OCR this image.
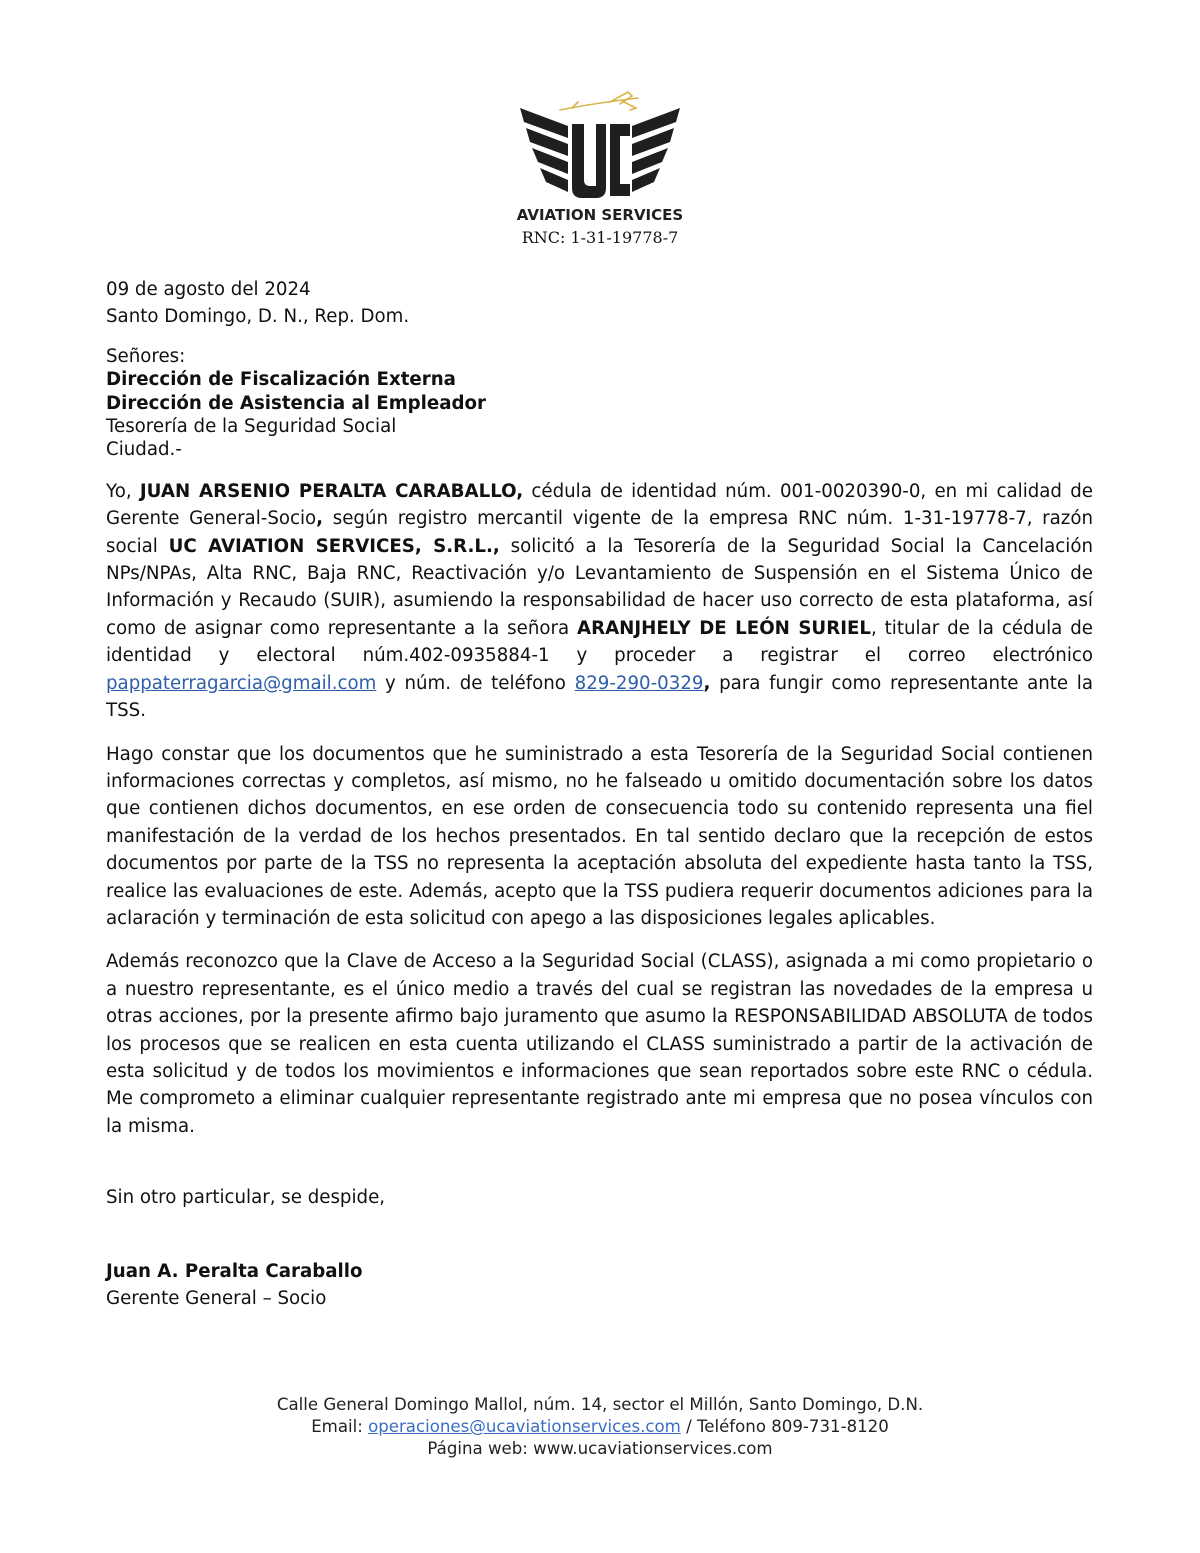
AVIATION SERVICES
RNC: 1-31-19778-7

09 de agosto del 2024

Santo Domingo, D. N., Rep. Dom.

Señores:

Dirección de Fiscalización Externa

Dirección de Asistencia al Empleador

Tesorería de la Seguridad Social

Ciudad.-

Yo, JUAN ARSENIO PERALTA CARABALLO, cédula de identidad núm. 001-0020390-0, en mi calidad de Gerente General-Socio, según registro mercantil vigente de la empresa RNC núm. 1-31-19778-7, razón social UC AVIATION SERVICES, S.R.L., solicitó a la Tesorería de la Seguridad Social la Cancelación NPs/NPAs, Alta RNC, Baja RNC, Reactivación y/o Levantamiento de Suspensión en el Sistema Único de Información y Recaudo (SUIR), asumiendo la responsabilidad de hacer uso correcto de esta plataforma, así como de asignar como representante a la señora ARANJHELY DE LEÓN SURIEL, titular de la cédula de identidad y electoral núm.402-0935884-1 y proceder a registrar el correo electrónico pappaterragarcia@gmail.com y núm. de teléfono 829-290-0329, para fungir como representante ante la TSS.

Hago constar que los documentos que he suministrado a esta Tesorería de la Seguridad Social contienen informaciones correctas y completos, así mismo, no he falseado u omitido documentación sobre los datos que contienen dichos documentos, en ese orden de consecuencia todo su contenido representa una fiel manifestación de la verdad de los hechos presentados. En tal sentido declaro que la recepción de estos documentos por parte de la TSS no representa la aceptación absoluta del expediente hasta tanto la TSS, realice las evaluaciones de este. Además, acepto que la TSS pudiera requerir documentos adiciones para la aclaración y terminación de esta solicitud con apego a las disposiciones legales aplicables.

Además reconozco que la Clave de Acceso a la Seguridad Social (CLASS), asignada a mi como propietario o a nuestro representante, es el único medio a través del cual se registran las novedades de la empresa u otras acciones, por la presente afirmo bajo juramento que asumo la RESPONSABILIDAD ABSOLUTA de todos los procesos que se realicen en esta cuenta utilizando el CLASS suministrado a partir de la activación de esta solicitud y de todos los movimientos e informaciones que sean reportados sobre este RNC o cédula. Me comprometo a eliminar cualquier representante registrado ante mi empresa que no posea vínculos con la misma.

Sin otro particular, se despide,

Juan A. Peralta Caraballo

Gerente General – Socio

Calle General Domingo Mallol, núm. 14, sector el Millón, Santo Domingo, D.N.
Email: operaciones@ucaviationservices.com / Teléfono 809-731-8120
Página web: www.ucaviationservices.com
